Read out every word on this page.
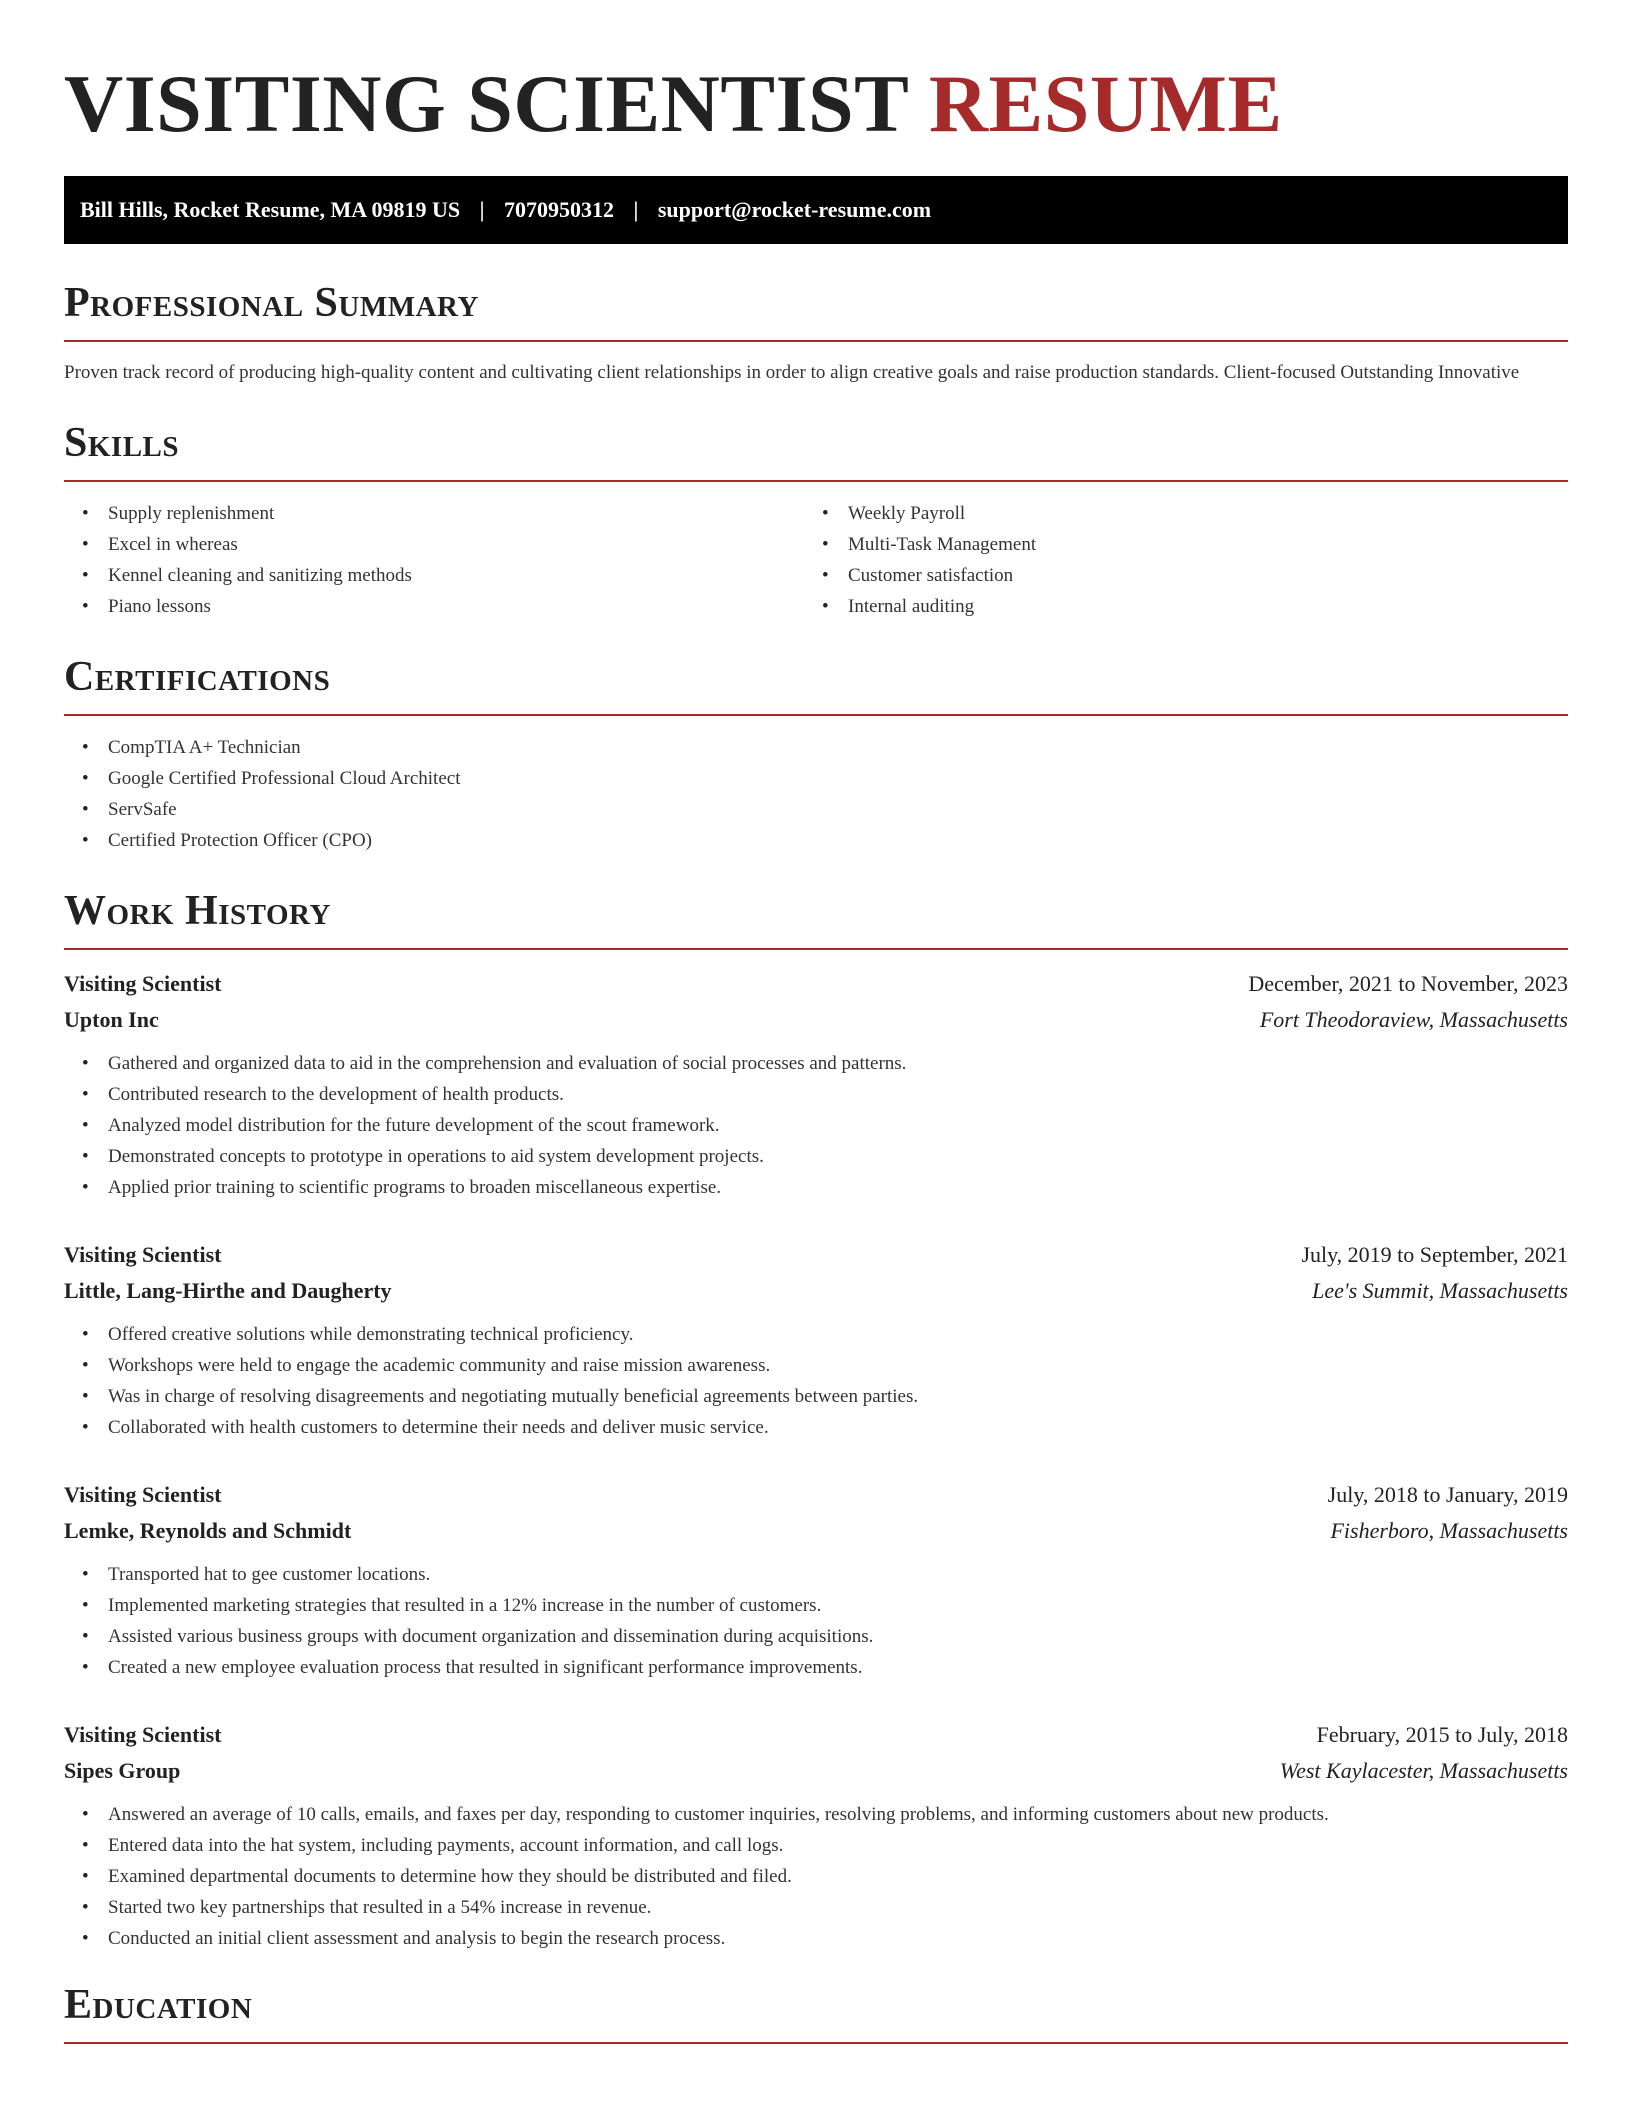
VISITING SCIENTIST RESUME
Bill Hills, Rocket Resume, MA 09819 US | 7070950312 | support@rocket-resume.com
Professional Summary
Proven track record of producing high-quality content and cultivating client relationships in order to align creative goals and raise production standards. Client-focused Outstanding Innovative
Skills
• Supply replenishment
• Excel in whereas
• Kennel cleaning and sanitizing methods
• Piano lessons
• Weekly Payroll
• Multi-Task Management
• Customer satisfaction
• Internal auditing
Certifications
• CompTIA A+ Technician
• Google Certified Professional Cloud Architect
• ServSafe
• Certified Protection Officer (CPO)
Work History
Visiting Scientist	December, 2021 to November, 2023
Upton Inc	Fort Theodoraview, Massachusetts
• Gathered and organized data to aid in the comprehension and evaluation of social processes and patterns.
• Contributed research to the development of health products.
• Analyzed model distribution for the future development of the scout framework.
• Demonstrated concepts to prototype in operations to aid system development projects.
• Applied prior training to scientific programs to broaden miscellaneous expertise.
Visiting Scientist	July, 2019 to September, 2021
Little, Lang-Hirthe and Daugherty	Lee's Summit, Massachusetts
• Offered creative solutions while demonstrating technical proficiency.
• Workshops were held to engage the academic community and raise mission awareness.
• Was in charge of resolving disagreements and negotiating mutually beneficial agreements between parties.
• Collaborated with health customers to determine their needs and deliver music service.
Visiting Scientist	July, 2018 to January, 2019
Lemke, Reynolds and Schmidt	Fisherboro, Massachusetts
• Transported hat to gee customer locations.
• Implemented marketing strategies that resulted in a 12% increase in the number of customers.
• Assisted various business groups with document organization and dissemination during acquisitions.
• Created a new employee evaluation process that resulted in significant performance improvements.
Visiting Scientist	February, 2015 to July, 2018
Sipes Group	West Kaylacester, Massachusetts
• Answered an average of 10 calls, emails, and faxes per day, responding to customer inquiries, resolving problems, and informing customers about new products.
• Entered data into the hat system, including payments, account information, and call logs.
• Examined departmental documents to determine how they should be distributed and filed.
• Started two key partnerships that resulted in a 54% increase in revenue.
• Conducted an initial client assessment and analysis to begin the research process.
Education
